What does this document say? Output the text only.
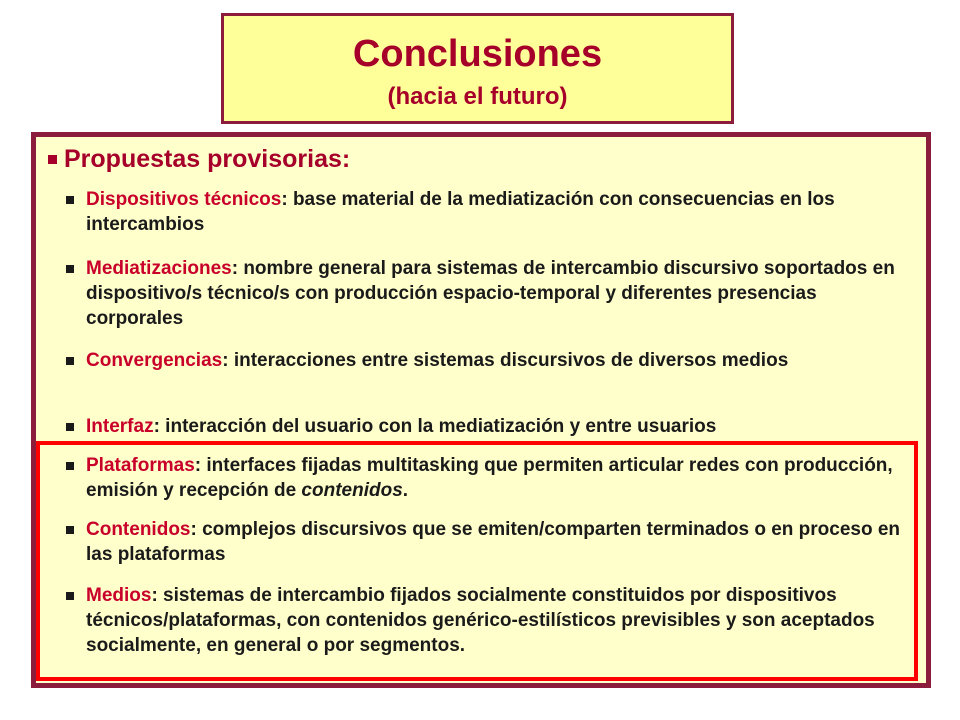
Conclusiones
(hacia el futuro)
Propuestas provisorias:
Dispositivos técnicos: base material de la mediatización con consecuencias en los intercambios
Mediatizaciones: nombre general para sistemas de intercambio discursivo soportados en dispositivo/s técnico/s con producción espacio-temporal y diferentes presencias corporales
Convergencias: interacciones entre sistemas discursivos de diversos medios
Interfaz: interacción del usuario con la mediatización y entre usuarios
Plataformas: interfaces fijadas multitasking que permiten articular redes con producción, emisión y recepción de contenidos.
Contenidos: complejos discursivos que se emiten/comparten terminados o en proceso en las plataformas
Medios: sistemas de intercambio fijados socialmente constituidos por dispositivos técnicos/plataformas, con contenidos genérico-estilísticos previsibles y son aceptados socialmente, en general o por segmentos.
